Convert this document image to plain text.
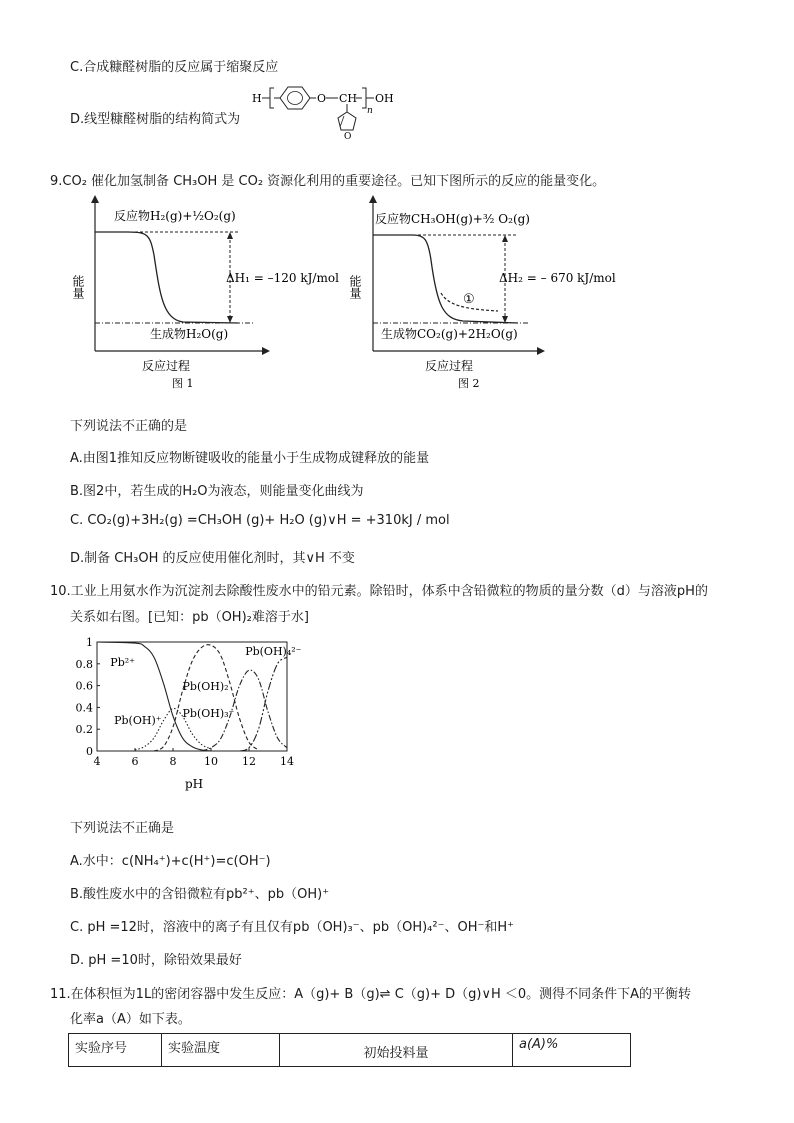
C.合成糠醛树脂的反应属于缩聚反应
D.线型糠醛树脂的结构简式为
H	O CH
n
OH
O
9.CO₂ 催化加氢制备 CH₃OH 是 CO₂ 资源化利用的重要途径。已知下图所示的反应的能量变化。
反应物H₂(g)+½O₂(g)
ΔH₁ = –120 kJ/mol
生成物H₂O(g)
能量
反应过程
图 1
反应物CH₃OH(g)+³⁄₂ O₂(g)
ΔH₂ = – 670 kJ/mol
①
生成物CO₂(g)+2H₂O(g)
能量
反应过程
图 2
下列说法不正确的是
A.由图1推知反应物断键吸收的能量小于生成物成键释放的能量
B.图2中，若生成的H₂O为液态，则能量变化曲线为
C. CO₂(g)+3H₂(g) =CH₃OH (g)+ H₂O (g)∨H = +310kJ / mol
D.制备 CH₃OH 的反应使用催化剂时，其∨H 不变
10.工业上用氨水作为沉淀剂去除酸性废水中的铅元素。除铅时，体系中含铅微粒的物质的量分数（d）与溶液pH的
关系如右图。[已知：pb（OH)₂难溶于水]
0
0.2
0.4
0.6
0.8
1
4	6	8	10 12 14
Pb²⁺
Pb(OH)⁺
Pb(OH)₂
Pb(OH)₃⁻
Pb(OH)₄²⁻
pH
下列说法不正确是
A.水中：c(NH₄⁺)+c(H⁺)=c(OH⁻)
B.酸性废水中的含铅微粒有pb²⁺、pb（OH)⁺
C. pH =12时，溶液中的离子有且仅有pb（OH)₃⁻、pb（OH)₄²⁻、OH⁻和H⁺
D. pH =10时，除铅效果最好
11.在体积恒为1L的密闭容器中发生反应：A（g)+ B（g)⇌ C（g)+ D（g)∨H ＜0。测得不同条件下A的平衡转
化率a（A）如下表。
实验序号	实验温度	初始投料量	a(A)%
